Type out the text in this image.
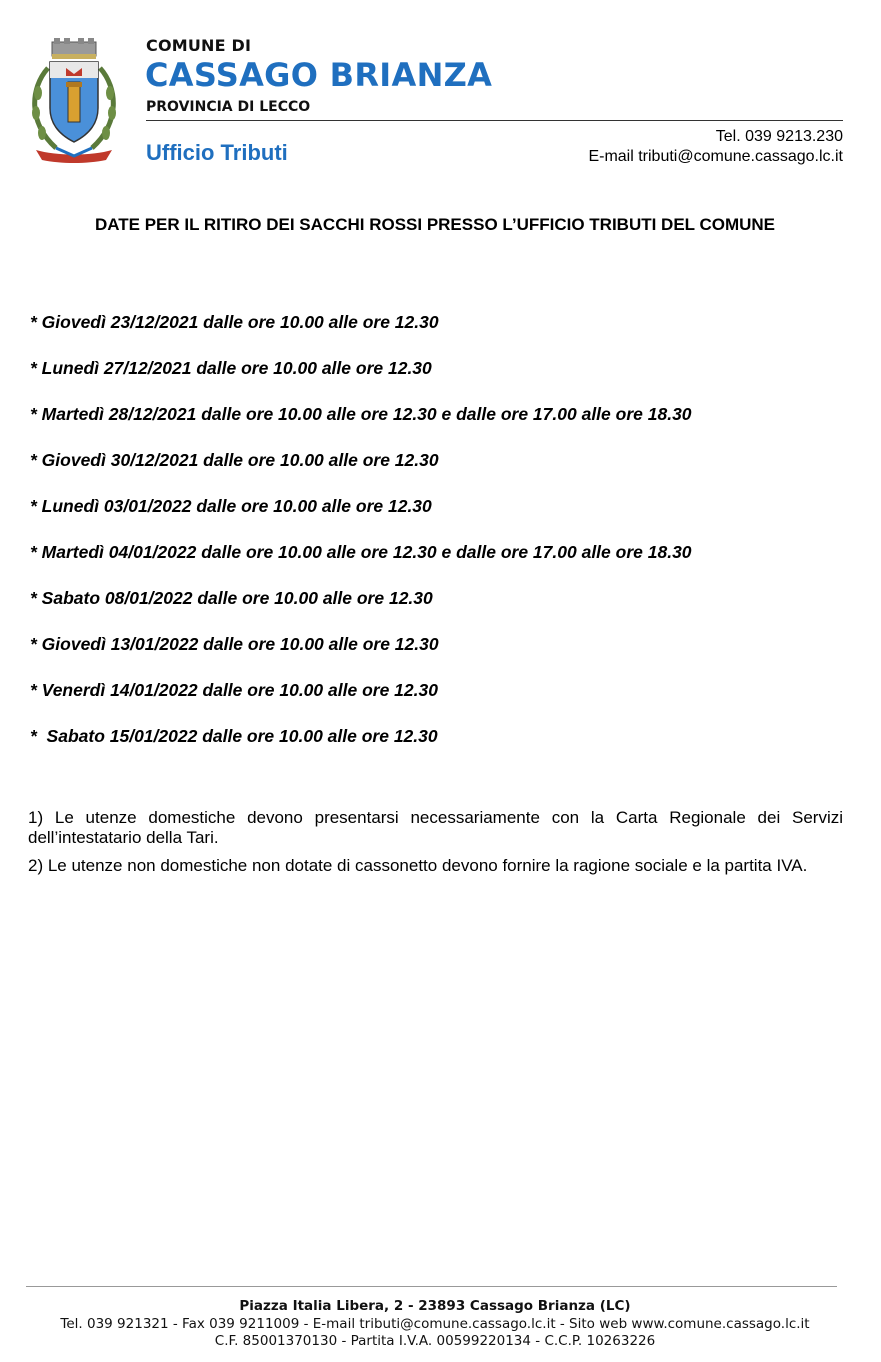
COMUNE DI
CASSAGO BRIANZA
PROVINCIA DI LECCO
Ufficio Tributi
Tel. 039 9213.230
E-mail tributi@comune.cassago.lc.it
DATE PER IL RITIRO DEI SACCHI ROSSI PRESSO L’UFFICIO TRIBUTI DEL COMUNE
* Giovedì 23/12/2021 dalle ore 10.00 alle ore 12.30
* Lunedì 27/12/2021 dalle ore 10.00 alle ore 12.30
* Martedì 28/12/2021 dalle ore 10.00 alle ore 12.30 e dalle ore 17.00 alle ore 18.30
* Giovedì 30/12/2021 dalle ore 10.00 alle ore 12.30
* Lunedì 03/01/2022 dalle ore 10.00 alle ore 12.30
* Martedì 04/01/2022 dalle ore 10.00 alle ore 12.30 e dalle ore 17.00 alle ore 18.30
* Sabato 08/01/2022 dalle ore 10.00 alle ore 12.30
* Giovedì 13/01/2022 dalle ore 10.00 alle ore 12.30
* Venerdì 14/01/2022 dalle ore 10.00 alle ore 12.30
*  Sabato 15/01/2022 dalle ore 10.00 alle ore 12.30

1) Le utenze domestiche devono presentarsi necessariamente con la Carta Regionale dei Servizi dell’intestatario della Tari.

2) Le utenze non domestiche non dotate di cassonetto devono fornire la ragione sociale e la partita IVA.

Piazza Italia Libera, 2 - 23893 Cassago Brianza (LC)
Tel. 039 921321 - Fax 039 9211009 - E-mail tributi@comune.cassago.lc.it - Sito web www.comune.cassago.lc.it
C.F. 85001370130 - Partita I.V.A. 00599220134 - C.C.P. 10263226
